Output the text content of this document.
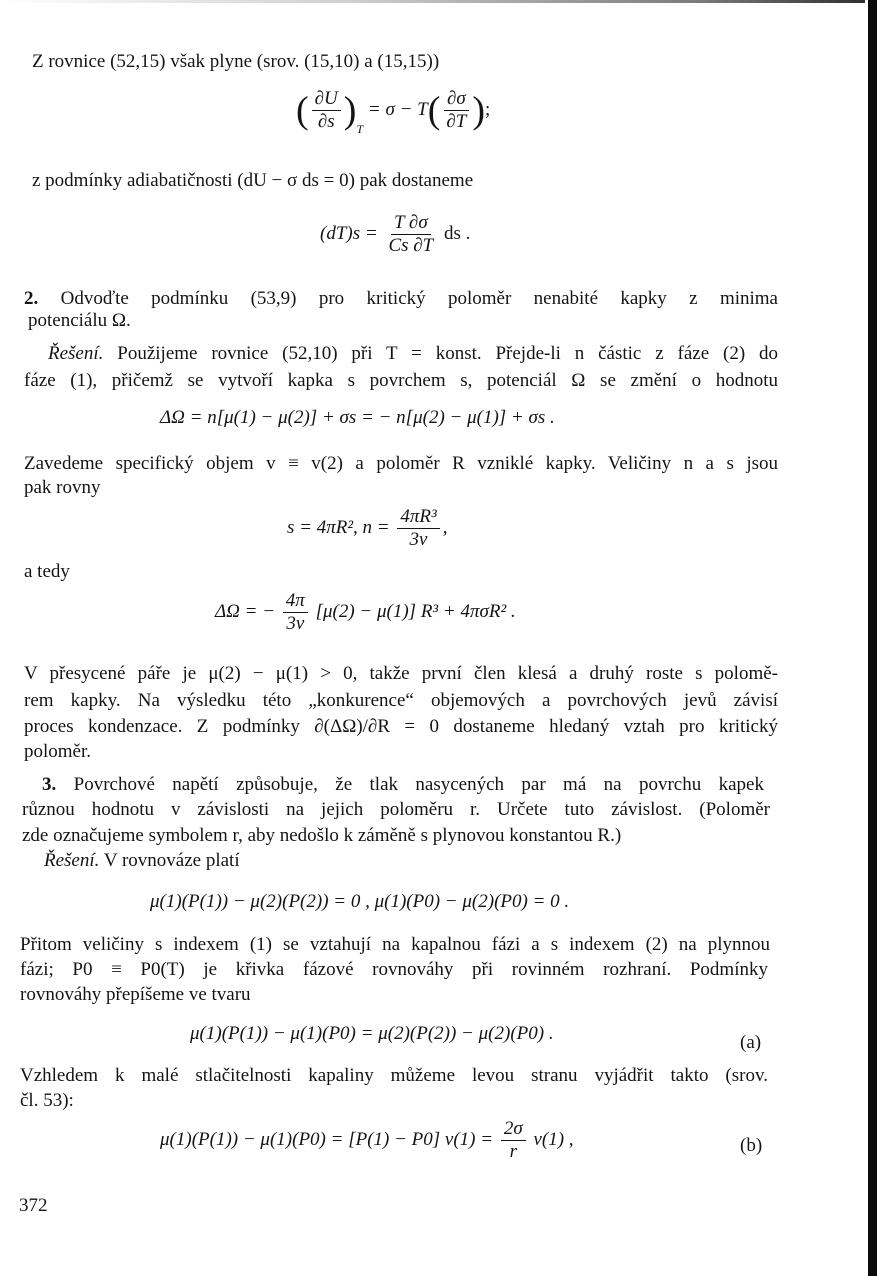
Z rovnice (52,15) však plyne (srov. (15,10) a (15,15))
( $\frac{\partial U}{\partial s} )_T = \sigma - T( \frac{\partial\sigma}{\partial T}$ );
z podmínky adiabatičnosti (dU − σ ds = 0) pak dostaneme
$(dT)s = \frac{T \partial\sigma}{Cs \partial T}$ ds .
2. Odvoďte podmínku (53,9) pro kritický poloměr nenabité kapky z minima
potenciálu Ω.
Řešení. Použijeme rovnice (52,10) při T = konst. Přejde-li n částic z fáze (2) do
fáze (1), přičemž se vytvoří kapka s povrchem s, potenciál Ω se změní o hodnotu
ΔΩ = n[μ(1) − μ(2)] + σs = − n[μ(2) − μ(1)] + σs .
Zavedeme specifický objem v ≡ v(2) a poloměr R vzniklé kapky. Veličiny n a s jsou
pak rovny
s = 4πR², $n = \frac{\text{4πR³}}{3v}$ ,
a tedy
ΔΩ = − $\frac{4\pi}{3v} [\mu(2) - \mu(1)] R^3 + 4\pi\sigma R^2$ .
V přesycené páře je μ(2) − μ(1) > 0, takže první člen klesá a druhý roste s polomě-
rem kapky. Na výsledku této „konkurence“ objemových a povrchových jevů závisí
proces kondenzace. Z podmínky ∂(ΔΩ)/∂R = 0 dostaneme hledaný vztah pro kritický
poloměr.
3. Povrchové napětí způsobuje, že tlak nasycených par má na povrchu kapek
různou hodnotu v závislosti na jejich poloměru r. Určete tuto závislost. (Poloměr
zde označujeme symbolem r, aby nedošlo k záměně s plynovou konstantou R.)
Řešení. V rovnováze platí
μ(1)(P(1)) − μ(2)(P(2)) = 0 , μ(1)(P0) − μ(2)(P0) = 0 .
Přitom veličiny s indexem (1) se vztahují na kapalnou fázi a s indexem (2) na plynnou
fázi; P0 ≡ P0(T) je křivka fázové rovnováhy při rovinném rozhraní. Podmínky
rovnováhy přepíšeme ve tvaru
μ(1)(P(1)) − μ(1)(P0) = μ(2)(P(2)) − μ(2)(P0) .	(a)
Vzhledem k malé stlačitelnosti kapaliny můžeme levou stranu vyjádřit takto (srov.
čl. 53):
μ(1)(P(1)) − μ(1)(P0) = [P(1) − P0] $v(1) = \frac{2\sigma}{r} v(1)$ ,	(b)
372
